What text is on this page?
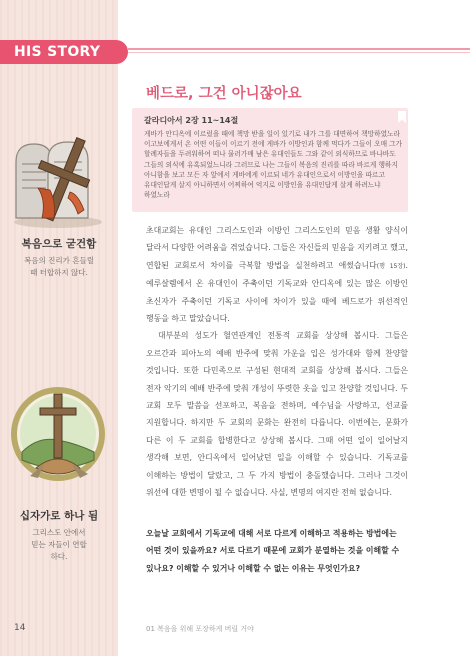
HIS STORY
복음으로 굳건함
복음의 진리가 흔들릴 때 터합하지 않다.
십자가로 하나 됨
그리스도 안에서 믿는 자들이 연합하다.
14	01 복음을 위해 포장하게 버릴 거야
베드로, 그건 아니잖아요
갈라디아서 2장 11~14절
게바가 안디옥에 이르렀을 때에 책망 받을 일이 있기로 내가 그를 대면하여 책망하였노라 이고보에게서 온 어떤 이들이 이르기 전에 게바가 이방인과 함께 먹다가 그들이 오매 그가 할례자들을 두려워하여 떠나 물러가매 남은 유대인들도 그와 같이 외식하므로 바나바도 그들의 외식에 유혹되었느니라 그러므로 나는 그들이 복음의 진리를 따라 바르게 행하지 아니함을 보고 모든 자 앞에서 게바에게 이르되 네가 유대인으로서 이방인을 따르고 유대인답게 살지 아니하면서 어찌하여 억지로 이방인을 유대인답게 살게 하려느냐 하였노라

초대교회는 유대인 그리스도인과 이방인 그리스도인의 믿음 생활 양식이 달라서 다양한 어려움을 겪었습니다. 그들은 자신들의 믿음을 지키려고 했고, 연합된 교회로서 차이를 극복할 방법을 실천하려고 애썼습니다(행 15장). 예루살렘에서 온 유대인이 주축이던 기독교와 안디옥에 있는 많은 이방인 초신자가 주축이던 기독교 사이에 차이가 있을 때에 베드로가 위선적인 행동을 하고 말았습니다.

대부분의 성도가 혈연관계인 전통적 교회를 상상해 봅시다. 그들은 오르간과 피아노의 예배 반주에 맞춰 가운을 입은 성가대와 함께 찬양할 것입니다. 또한 다민족으로 구성된 현대적 교회를 상상해 봅시다. 그들은 전자 악기의 예배 반주에 맞춰 개성이 뚜렷한 옷을 입고 찬양할 것입니다. 두 교회 모두 말씀을 선포하고, 복음을 전하며, 예수님을 사랑하고, 선교를 지원합니다. 하지만 두 교회의 문화는 완전히 다릅니다. 이번에는, 문화가 다른 이 두 교회를 합병한다고 상상해 봅시다. 그때 어떤 일이 일어날지 생각해 보면, 안디옥에서 일어났던 일을 이해할 수 있습니다. 기독교를 이해하는 방법이 달랐고, 그 두 가지 방법이 충돌했습니다. 그러나 그것이 위선에 대한 변명이 될 수 없습니다. 사실, 변명의 여지란 전혀 없습니다.

오늘날 교회에서 기독교에 대해 서로 다르게 이해하고 적용하는 방법에는 어떤 것이 있을까요? 서로 다르기 때문에 교회가 분열하는 것을 이해할 수 있나요? 이해할 수 있거나 이해할 수 없는 이유는 무엇인가요?
